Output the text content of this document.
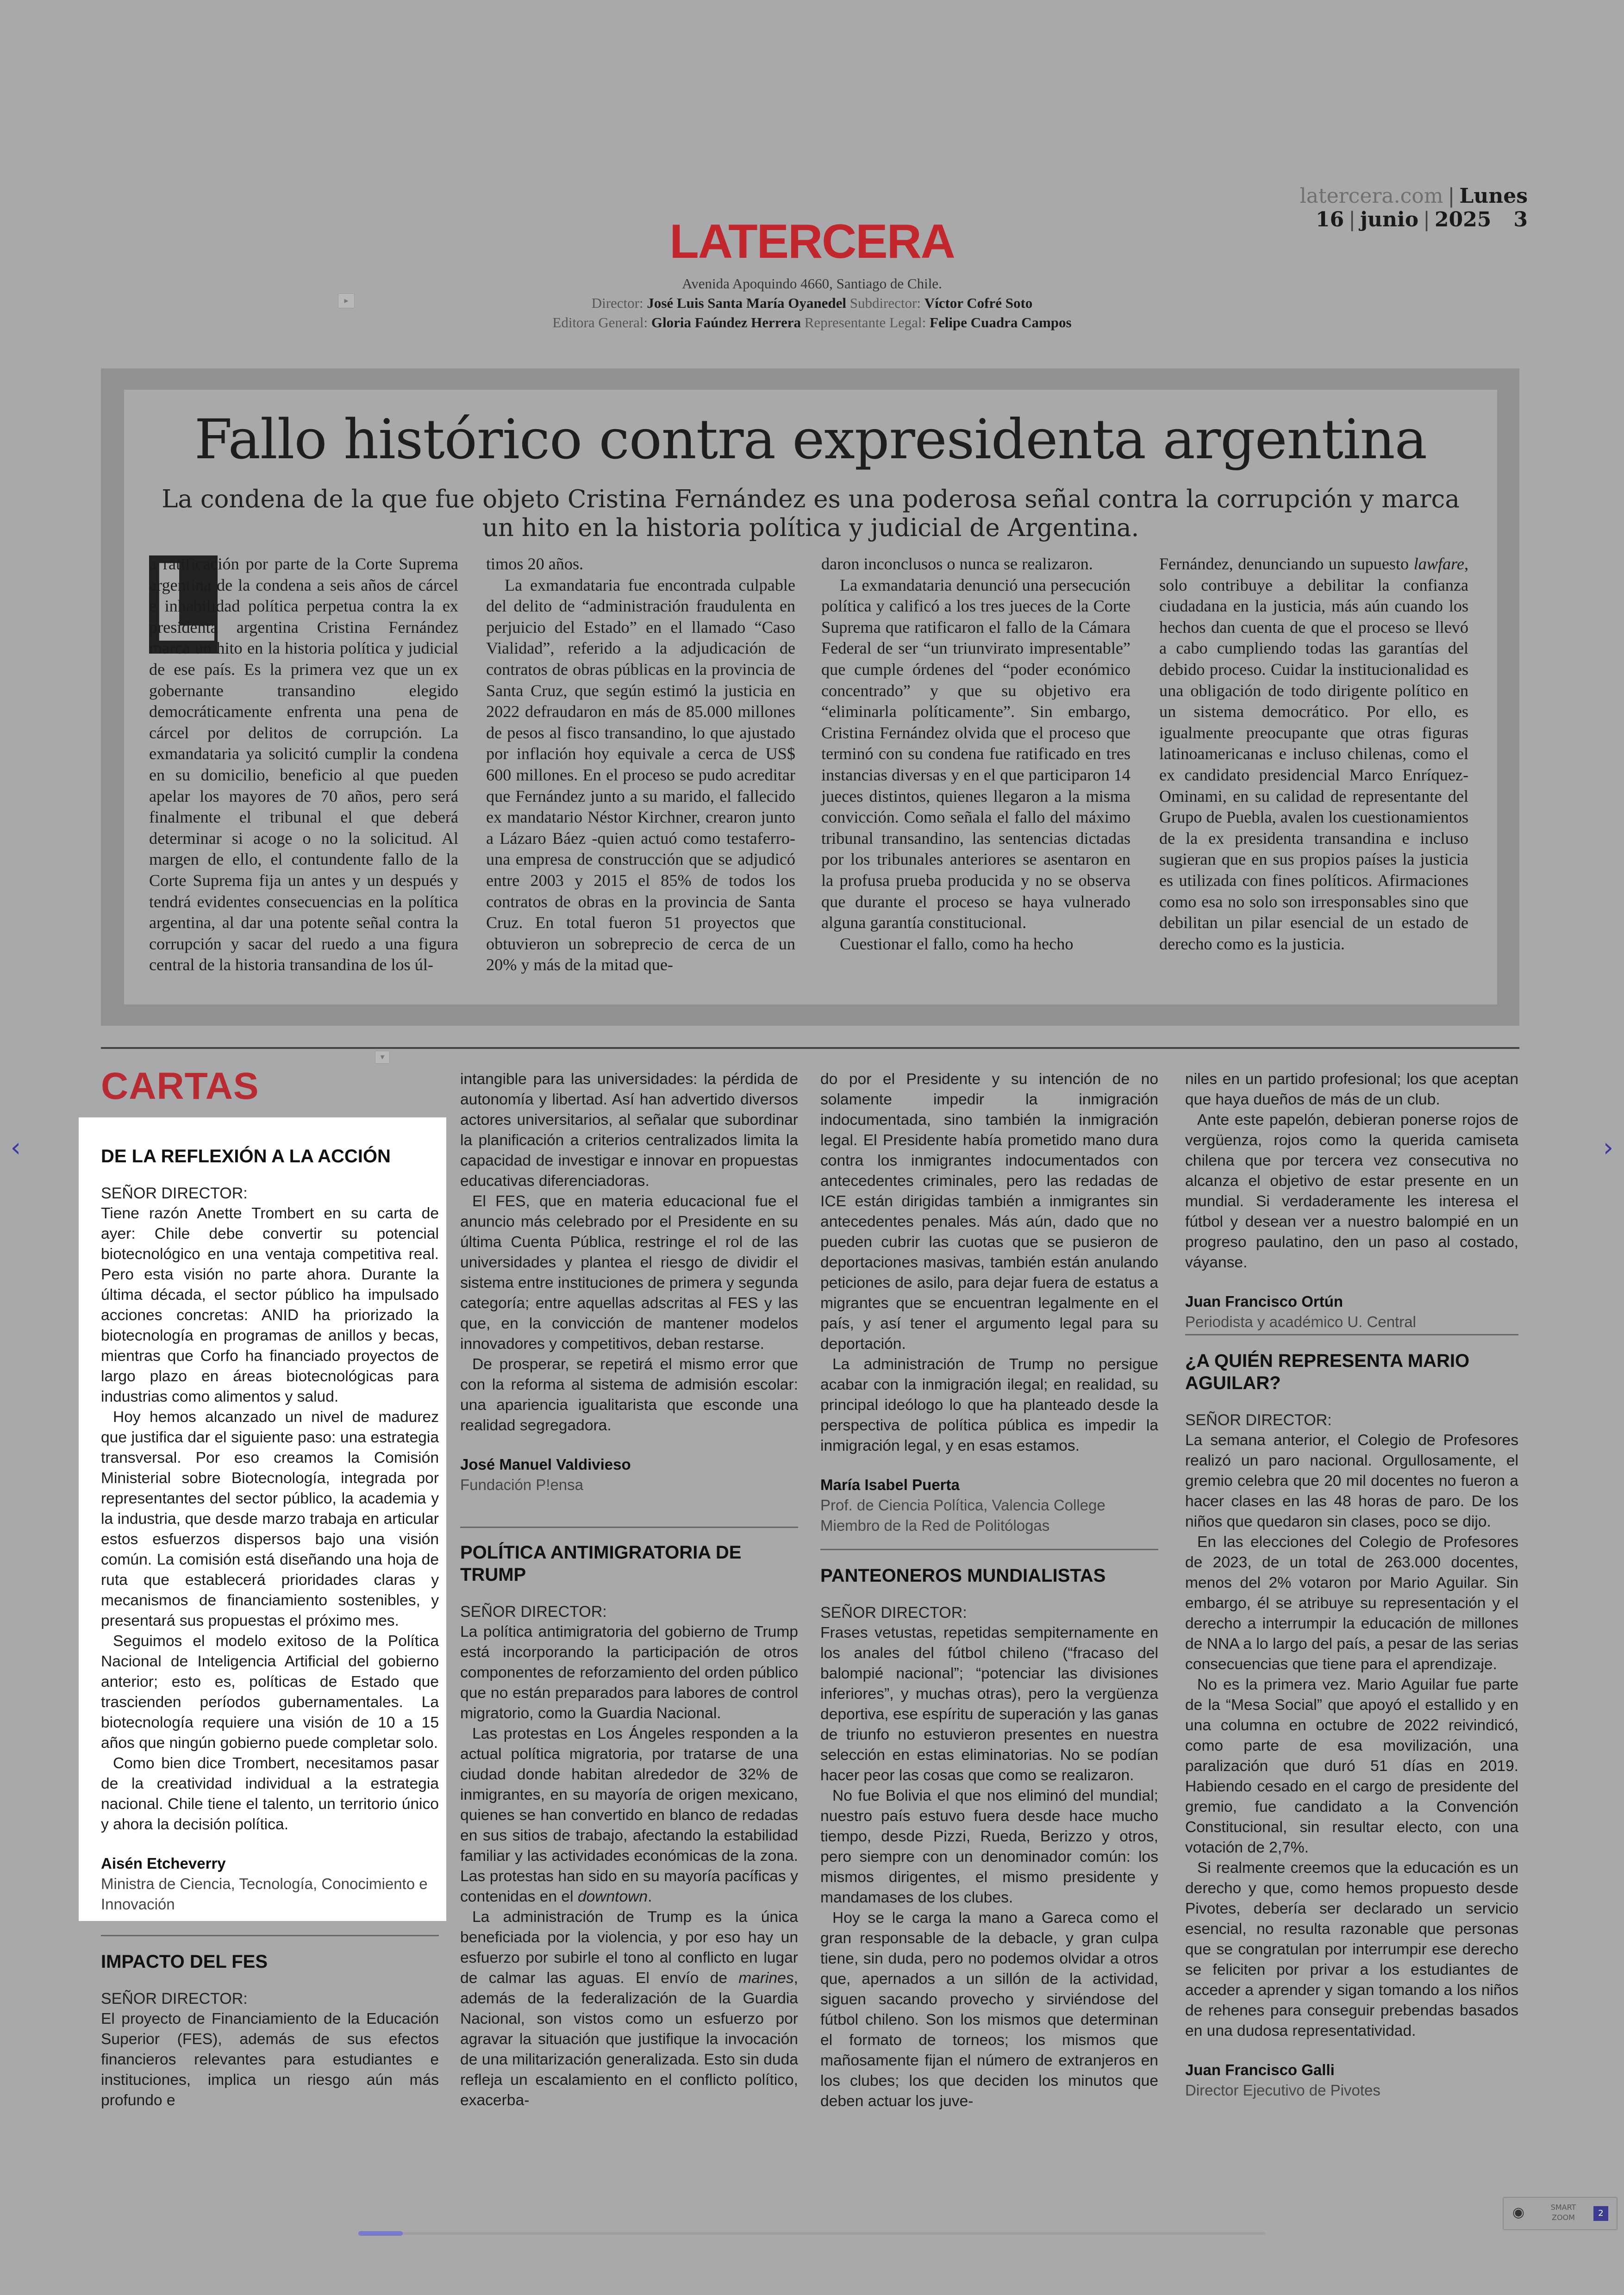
latercera.com | Lunes 16 | junio | 2025 3
LATERCERA
Avenida Apoquindo 4660, Santiago de Chile.
Director: José Luis Santa María Oyanedel Subdirector: Víctor Cofré Soto
Editora General: Gloria Faúndez Herrera Representante Legal: Felipe Cuadra Campos
▸
▾
Fallo histórico contra expresidenta argentina
La condena de la que fue objeto Cristina Fernández es una poderosa señal contra la corrupción y marca un hito en la historia política y judicial de Argentina.
L

a ratificación por parte de la Corte Suprema argentina de la condena a seis años de cárcel e inhabilidad política perpetua contra la ex presidenta argentina Cristina Fernández marca un hito en la historia política y judicial de ese país. Es la primera vez que un ex gobernante transandino elegido democráticamente enfrenta una pena de cárcel por delitos de corrupción. La exmandataria ya solicitó cumplir la condena en su domicilio, beneficio al que pueden apelar los mayores de 70 años, pero será finalmente el tribunal el que deberá determinar si acoge o no la solicitud. Al margen de ello, el contundente fallo de la Corte Suprema fija un antes y un después y tendrá evidentes consecuencias en la política argentina, al dar una potente señal contra la corrupción y sacar del ruedo a una figura central de la historia transandina de los úl-

timos 20 años.

La exmandataria fue encontrada culpable del delito de “administración fraudulenta en perjuicio del Estado” en el llamado “Caso Vialidad”, referido a la adjudicación de contratos de obras públicas en la provincia de Santa Cruz, que según estimó la justicia en 2022 defraudaron en más de 85.000 millones de pesos al fisco transandino, lo que ajustado por inflación hoy equivale a cerca de US$ 600 millones. En el proceso se pudo acreditar que Fernández junto a su marido, el fallecido ex mandatario Néstor Kirchner, crearon junto a Lázaro Báez -quien actuó como testaferro- una empresa de construcción que se adjudicó entre 2003 y 2015 el 85% de todos los contratos de obras en la provincia de Santa Cruz. En total fueron 51 proyectos que obtuvieron un sobreprecio de cerca de un 20% y más de la mitad que-

daron inconclusos o nunca se realizaron.

La exmandataria denunció una persecución política y calificó a los tres jueces de la Corte Suprema que ratificaron el fallo de la Cámara Federal de ser “un triunvirato impresentable” que cumple órdenes del “poder económico concentrado” y que su objetivo era “eliminarla políticamente”. Sin embargo, Cristina Fernández olvida que el proceso que terminó con su condena fue ratificado en tres instancias diversas y en el que participaron 14 jueces distintos, quienes llegaron a la misma convicción. Como señala el fallo del máximo tribunal transandino, las sentencias dictadas por los tribunales anteriores se asentaron en la profusa prueba producida y no se observa que durante el proceso se haya vulnerado alguna garantía constitucional.

Cuestionar el fallo, como ha hecho

Fernández, denunciando un supuesto lawfare, solo contribuye a debilitar la confianza ciudadana en la justicia, más aún cuando los hechos dan cuenta de que el proceso se llevó a cabo cumpliendo todas las garantías del debido proceso. Cuidar la institucionalidad es una obligación de todo dirigente político en un sistema democrático. Por ello, es igualmente preocupante que otras figuras latinoamericanas e incluso chilenas, como el ex candidato presidencial Marco Enríquez-Ominami, en su calidad de representante del Grupo de Puebla, avalen los cuestionamientos de la ex presidenta transandina e incluso sugieran que en sus propios países la justicia es utilizada con fines políticos. Afirmaciones como esa no solo son irresponsables sino que debilitan un pilar esencial de un estado de derecho como es la justicia.

CARTAS
DE LA REFLEXIÓN A LA ACCIÓN
SEÑOR DIRECTOR:

Tiene razón Anette Trombert en su carta de ayer: Chile debe convertir su potencial biotecnológico en una ventaja competitiva real. Pero esta visión no parte ahora. Durante la última década, el sector público ha impulsado acciones concretas: ANID ha priorizado la biotecnología en programas de anillos y becas, mientras que Corfo ha financiado proyectos de largo plazo en áreas biotecnológicas para industrias como alimentos y salud.

Hoy hemos alcanzado un nivel de madurez que justifica dar el siguiente paso: una estrategia transversal. Por eso creamos la Comisión Ministerial sobre Biotecnología, integrada por representantes del sector público, la academia y la industria, que desde marzo trabaja en articular estos esfuerzos dispersos bajo una visión común. La comisión está diseñando una hoja de ruta que establecerá prioridades claras y mecanismos de financiamiento sostenibles, y presentará sus propuestas el próximo mes.

Seguimos el modelo exitoso de la Política Nacional de Inteligencia Artificial del gobierno anterior; esto es, políticas de Estado que trascienden períodos gubernamentales. La biotecnología requiere una visión de 10 a 15 años que ningún gobierno puede completar solo.

Como bien dice Trombert, necesitamos pasar de la creatividad individual a la estrategia nacional. Chile tiene el talento, un territorio único y ahora la decisión política.

Aisén Etcheverry
Ministra de Ciencia, Tecnología, Conocimiento e Innovación
IMPACTO DEL FES
SEÑOR DIRECTOR:

El proyecto de Financiamiento de la Educación Superior (FES), además de sus efectos financieros relevantes para estudiantes e instituciones, implica un riesgo aún más profundo e

intangible para las universidades: la pérdida de autonomía y libertad. Así han advertido diversos actores universitarios, al señalar que subordinar la planificación a criterios centralizados limita la capacidad de investigar e innovar en propuestas educativas diferenciadoras.

El FES, que en materia educacional fue el anuncio más celebrado por el Presidente en su última Cuenta Pública, restringe el rol de las universidades y plantea el riesgo de dividir el sistema entre instituciones de primera y segunda categoría; entre aquellas adscritas al FES y las que, en la convicción de mantener modelos innovadores y competitivos, deban restarse.

De prosperar, se repetirá el mismo error que con la reforma al sistema de admisión escolar: una apariencia igualitarista que esconde una realidad segregadora.

José Manuel Valdivieso
Fundación P!ensa
POLÍTICA ANTIMIGRATORIA DE TRUMP
SEÑOR DIRECTOR:

La política antimigratoria del gobierno de Trump está incorporando la participación de otros componentes de reforzamiento del orden público que no están preparados para labores de control migratorio, como la Guardia Nacional.

Las protestas en Los Ángeles responden a la actual política migratoria, por tratarse de una ciudad donde habitan alrededor de 32% de inmigrantes, en su mayoría de origen mexicano, quienes se han convertido en blanco de redadas en sus sitios de trabajo, afectando la estabilidad familiar y las actividades económicas de la zona. Las protestas han sido en su mayoría pacíficas y contenidas en el downtown.

La administración de Trump es la única beneficiada por la violencia, y por eso hay un esfuerzo por subirle el tono al conflicto en lugar de calmar las aguas. El envío de marines, además de la federalización de la Guardia Nacional, son vistos como un esfuerzo por agravar la situación que justifique la invocación de una militarización generalizada. Esto sin duda refleja un escalamiento en el conflicto político, exacerba-

do por el Presidente y su intención de no solamente impedir la inmigración indocumentada, sino también la inmigración legal. El Presidente había prometido mano dura contra los inmigrantes indocumentados con antecedentes criminales, pero las redadas de ICE están dirigidas también a inmigrantes sin antecedentes penales. Más aún, dado que no pueden cubrir las cuotas que se pusieron de deportaciones masivas, también están anulando peticiones de asilo, para dejar fuera de estatus a migrantes que se encuentran legalmente en el país, y así tener el argumento legal para su deportación.

La administración de Trump no persigue acabar con la inmigración ilegal; en realidad, su principal ideólogo lo que ha planteado desde la perspectiva de política pública es impedir la inmigración legal, y en esas estamos.

María Isabel Puerta
Prof. de Ciencia Política, Valencia College
Miembro de la Red de Politólogas
PANTEONEROS MUNDIALISTAS
SEÑOR DIRECTOR:

Frases vetustas, repetidas sempiternamente en los anales del fútbol chileno (“fracaso del balompié nacional”; “potenciar las divisiones inferiores”, y muchas otras), pero la vergüenza deportiva, ese espíritu de superación y las ganas de triunfo no estuvieron presentes en nuestra selección en estas eliminatorias. No se podían hacer peor las cosas que como se realizaron.

No fue Bolivia el que nos eliminó del mundial; nuestro país estuvo fuera desde hace mucho tiempo, desde Pizzi, Rueda, Berizzo y otros, pero siempre con un denominador común: los mismos dirigentes, el mismo presidente y mandamases de los clubes.

Hoy se le carga la mano a Gareca como el gran responsable de la debacle, y gran culpa tiene, sin duda, pero no podemos olvidar a otros que, apernados a un sillón de la actividad, siguen sacando provecho y sirviéndose del fútbol chileno. Son los mismos que determinan el formato de torneos; los mismos que mañosamente fijan el número de extranjeros en los clubes; los que deciden los minutos que deben actuar los juve-

niles en un partido profesional; los que aceptan que haya dueños de más de un club.

Ante este papelón, debieran ponerse rojos de vergüenza, rojos como la querida camiseta chilena que por tercera vez consecutiva no alcanza el objetivo de estar presente en un mundial. Si verdaderamente les interesa el fútbol y desean ver a nuestro balompié en un progreso paulatino, den un paso al costado, váyanse.

Juan Francisco Ortún
Periodista y académico U. Central
¿A QUIÉN REPRESENTA MARIO AGUILAR?
SEÑOR DIRECTOR:

La semana anterior, el Colegio de Profesores realizó un paro nacional. Orgullosamente, el gremio celebra que 20 mil docentes no fueron a hacer clases en las 48 horas de paro. De los niños que quedaron sin clases, poco se dijo.

En las elecciones del Colegio de Profesores de 2023, de un total de 263.000 docentes, menos del 2% votaron por Mario Aguilar. Sin embargo, él se atribuye su representación y el derecho a interrumpir la educación de millones de NNA a lo largo del país, a pesar de las serias consecuencias que tiene para el aprendizaje.

No es la primera vez. Mario Aguilar fue parte de la “Mesa Social” que apoyó el estallido y en una columna en octubre de 2022 reivindicó, como parte de esa movilización, una paralización que duró 51 días en 2019. Habiendo cesado en el cargo de presidente del gremio, fue candidato a la Convención Constitucional, sin resultar electo, con una votación de 2,7%.

Si realmente creemos que la educación es un derecho y que, como hemos propuesto desde Pivotes, debería ser declarado un servicio esencial, no resulta razonable que personas que se congratulan por interrumpir ese derecho se feliciten por privar a los estudiantes de acceder a aprender y sigan tomando a los niños de rehenes para conseguir prebendas basados en una dudosa representatividad.

Juan Francisco Galli
Director Ejecutivo de Pivotes
‹	›
◉	SMART ZOOM	2
